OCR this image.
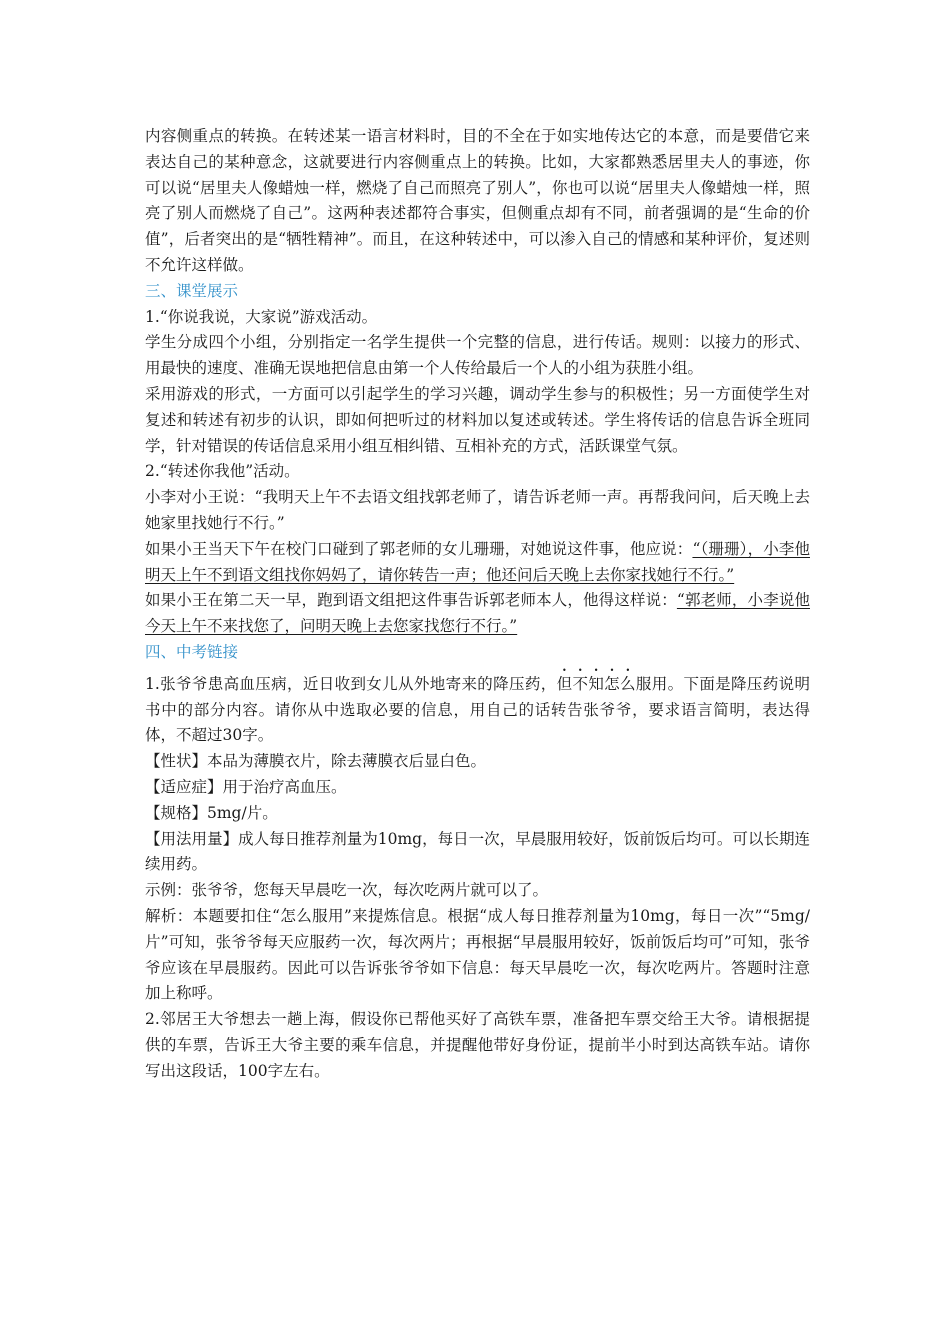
内容侧重点的转换。在转述某一语言材料时，目的不全在于如实地传达它的本意，而是要借它来表达自己的某种意念，这就要进行内容侧重点上的转换。比如，大家都熟悉居里夫人的事迹，你可以说“居里夫人像蜡烛一样，燃烧了自己而照亮了别人”，你也可以说“居里夫人像蜡烛一样，照亮了别人而燃烧了自己”。这两种表述都符合事实，但侧重点却有不同，前者强调的是“生命的价值”，后者突出的是“牺牲精神”。而且，在这种转述中，可以渗入自己的情感和某种评价，复述则不允许这样做。

三、课堂展示

1.“你说我说，大家说”游戏活动。

学生分成四个小组，分别指定一名学生提供一个完整的信息，进行传话。规则：以接力的形式、用最快的速度、准确无误地把信息由第一个人传给最后一个人的小组为获胜小组。

采用游戏的形式，一方面可以引起学生的学习兴趣，调动学生参与的积极性；另一方面使学生对复述和转述有初步的认识，即如何把听过的材料加以复述或转述。学生将传话的信息告诉全班同学，针对错误的传话信息采用小组互相纠错、互相补充的方式，活跃课堂气氛。

2.“转述你我他”活动。

小李对小王说：“我明天上午不去语文组找郭老师了，请告诉老师一声。再帮我问问，后天晚上去她家里找她行不行。”

如果小王当天下午在校门口碰到了郭老师的女儿珊珊，对她说这件事，他应说：“（珊珊），小李他明天上午不到语文组找你妈妈了，请你转告一声；他还问后天晚上去你家找她行不行。”

如果小王在第二天一早，跑到语文组把这件事告诉郭老师本人，他得这样说：“郭老师，小李说他今天上午不来找您了，问明天晚上去您家找您行不行。”

四、中考链接

1.张爷爷患高血压病，近日收到女儿从外地寄来的降压药，但不知怎么服用。下面是降压药说明书中的部分内容。请你从中选取必要的信息，用自己的话转告张爷爷，要求语言简明，表达得体，不超过30字。

【性状】本品为薄膜衣片，除去薄膜衣后显白色。

【适应症】用于治疗高血压。

【规格】5mg/片。

【用法用量】成人每日推荐剂量为10mg，每日一次，早晨服用较好，饭前饭后均可。可以长期连续用药。

示例：张爷爷，您每天早晨吃一次，每次吃两片就可以了。

解析：本题要扣住“怎么服用”来提炼信息。根据“成人每日推荐剂量为10mg，每日一次”“5mg/片”可知，张爷爷每天应服药一次，每次两片；再根据“早晨服用较好，饭前饭后均可”可知，张爷爷应该在早晨服药。因此可以告诉张爷爷如下信息：每天早晨吃一次，每次吃两片。答题时注意加上称呼。

2.邻居王大爷想去一趟上海，假设你已帮他买好了高铁车票，准备把车票交给王大爷。请根据提供的车票，告诉王大爷主要的乘车信息，并提醒他带好身份证，提前半小时到达高铁车站。请你写出这段话，100字左右。
